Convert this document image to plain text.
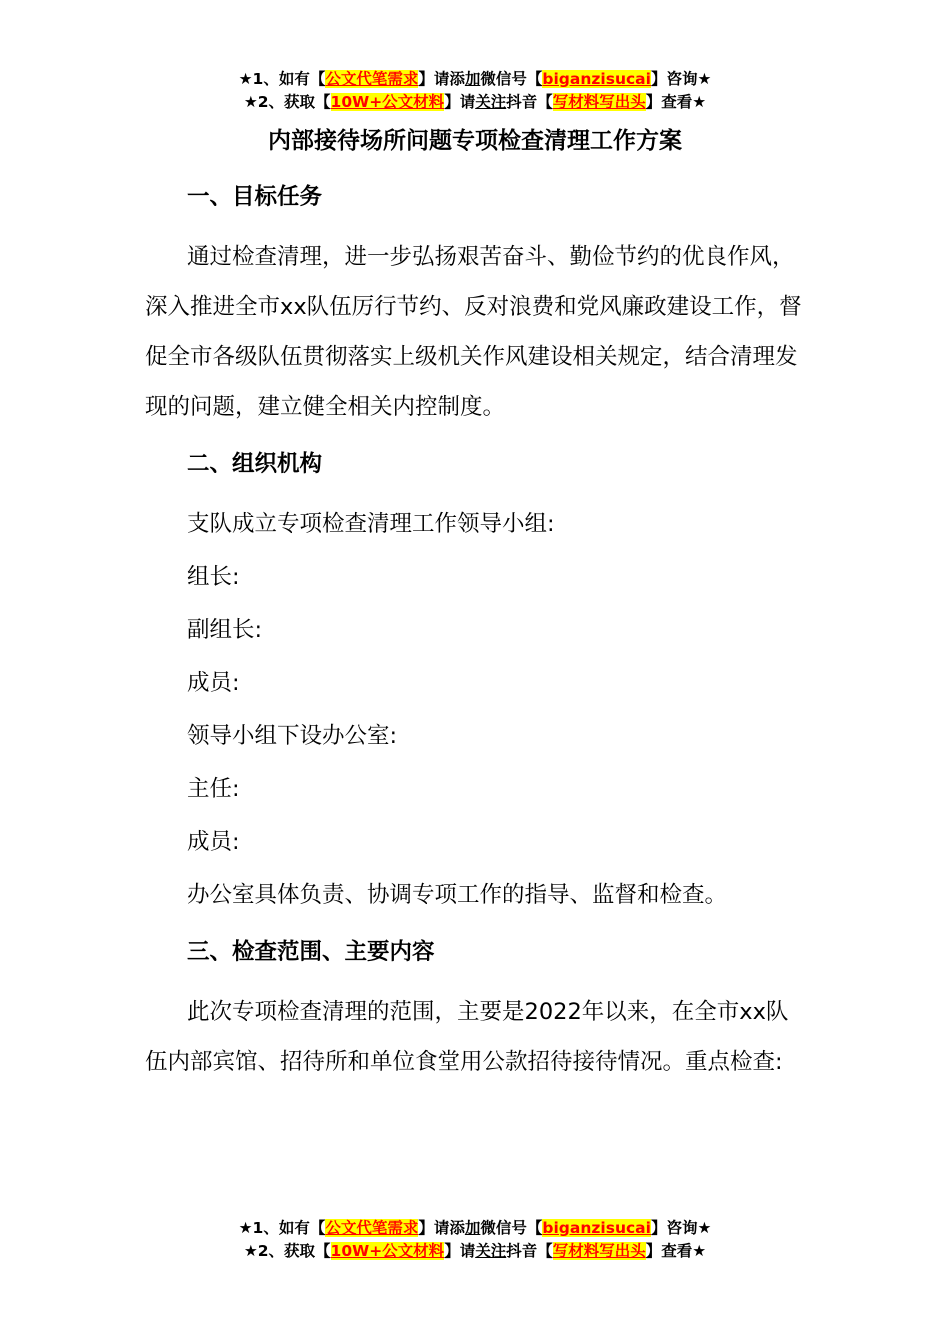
★1、如有【公文代笔需求】请添加微信号【biganzisucai】咨询★
★2、获取【10W+公文材料】请关注抖音【写材料写出头】查看★
内部接待场所问题专项检查清理工作方案
一、目标任务
通过检查清理，进一步弘扬艰苦奋斗、勤俭节约的优良作风，深入推进全市xx队伍厉行节约、反对浪费和党风廉政建设工作，督促全市各级队伍贯彻落实上级机关作风建设相关规定，结合清理发现的问题，建立健全相关内控制度。
二、组织机构
支队成立专项检查清理工作领导小组:
组长:
副组长:
成员:
领导小组下设办公室:
主任:
成员:
办公室具体负责、协调专项工作的指导、监督和检查。
三、检查范围、主要内容
此次专项检查清理的范围，主要是2022年以来，在全市xx队伍内部宾馆、招待所和单位食堂用公款招待接待情况。重点检查:
★1、如有【公文代笔需求】请添加微信号【biganzisucai】咨询★
★2、获取【10W+公文材料】请关注抖音【写材料写出头】查看★
